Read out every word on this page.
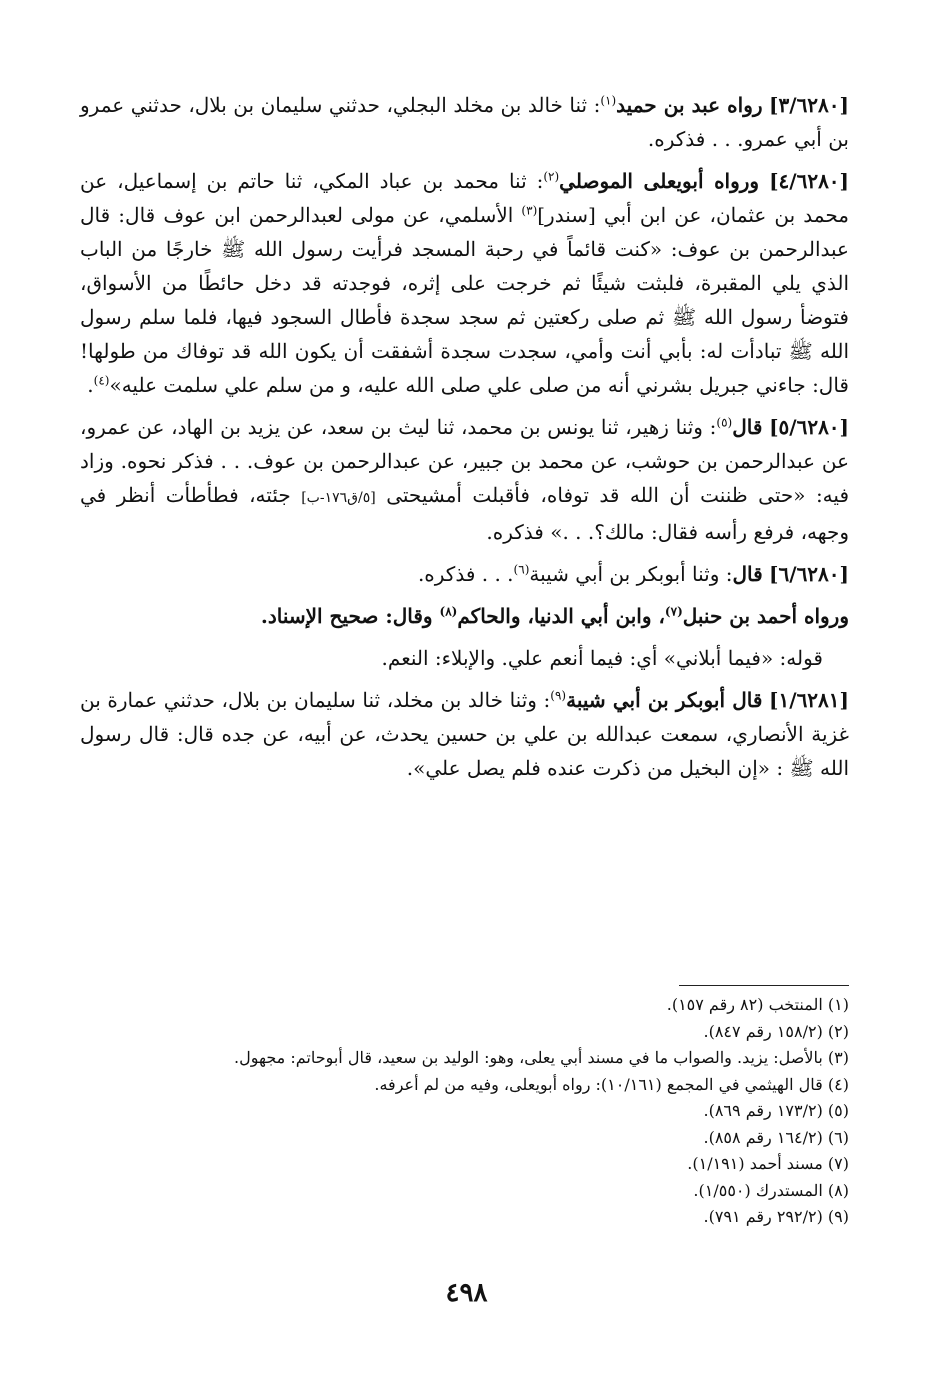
[٣/٦٢٨٠] رواه عبد بن حميد$^{(١)}$: ثنا خالد بن مخلد البجلي، حدثني سليمان بن بلال، حدثني عمرو بن أبي عمرو. . . فذكره.

[٤/٦٢٨٠] ورواه أبويعلى الموصلي$^{(٢)}$: ثنا محمد بن عباد المكي، ثنا حاتم بن إسماعيل، عن محمد بن عثمان، عن ابن أبي [سندر]$^{(٣)}$ الأسلمي، عن مولى لعبدالرحمن ابن عوف قال: قال عبدالرحمن بن عوف: «كنت قائماً في رحبة المسجد فرأيت رسول الله ﷺ خارجًا من الباب الذي يلي المقبرة، فلبثت شيئًا ثم خرجت على إثره، فوجدته قد دخل حائطًا من الأسواق، فتوضأ رسول الله ﷺ ثم صلى ركعتين ثم سجد سجدة فأطال السجود فيها، فلما سلم رسول الله ﷺ تبادأت له: بأبي أنت وأمي، سجدت سجدة أشفقت أن يكون الله قد توفاك من طولها! قال: جاءني جبريل بشرني أنه من صلى علي صلى الله عليه، و من سلم علي سلمت عليه»$^{(٤)}$.

[٥/٦٢٨٠] قال$^{(٥)}$: وثنا زهير، ثنا يونس بن محمد، ثنا ليث بن سعد، عن يزيد بن الهاد، عن عمرو، عن عبدالرحمن بن حوشب، عن محمد بن جبير، عن عبدالرحمن بن عوف. . . فذكر نحوه. وزاد فيه: «حتى ظننت أن الله قد توفاه، فأقبلت أمشيحتى [٥/ق١٧٦-ب] جئته، فطأطأت أنظر في وجهه، فرفع رأسه فقال: مالك؟. . .» فذكره.

[٦/٦٢٨٠] قال: وثنا أبوبكر بن أبي شيبة$^{(٦)}$. . . فذكره.

ورواه أحمد بن حنبل$^{(٧)}$، وابن أبي الدنيا، والحاكم$^{(٨)}$ وقال: صحيح الإسناد.

قوله: «فيما أبلاني» أي: فيما أنعم علي. والإبلاء: النعم.

[١/٦٢٨١] قال أبوبكر بن أبي شيبة$^{(٩)}$: وثنا خالد بن مخلد، ثنا سليمان بن بلال، حدثني عمارة بن غزية الأنصاري، سمعت عبدالله بن علي بن حسين يحدث، عن أبيه، عن جده قال: قال رسول الله ﷺ : «إن البخيل من ذكرت عنده فلم يصل علي».

(١) المنتخب (٨٢ رقم ١٥٧).
(٢) (١٥٨/٢ رقم ٨٤٧).
(٣) بالأصل: يزيد. والصواب ما في مسند أبي يعلى، وهو: الوليد بن سعيد، قال أبوحاتم: مجهول.
(٤) قال الهيثمي في المجمع (١٠/١٦١): رواه أبويعلى، وفيه من لم أعرفه.
(٥) (١٧٣/٢ رقم ٨٦٩).
(٦) (١٦٤/٢ رقم ٨٥٨).
(٧) مسند أحمد (١/١٩١).
(٨) المستدرك (١/٥٥٠).
(٩) (٢٩٢/٢ رقم ٧٩١).
٤٩٨
